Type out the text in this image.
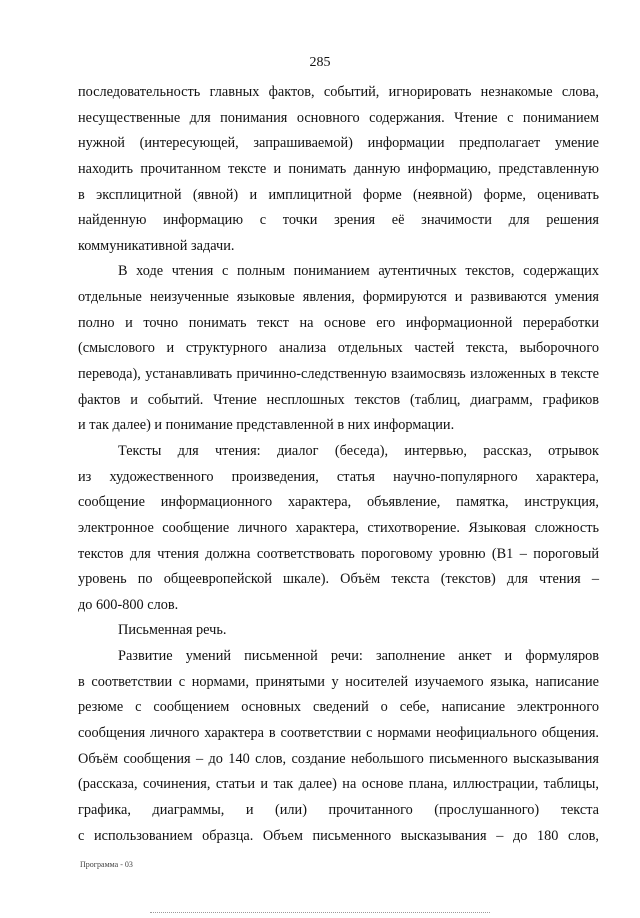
285
последовательность главных фактов, событий, игнорировать незнакомые слова,
несущественные для понимания основного содержания. Чтение с пониманием
нужной (интересующей, запрашиваемой) информации предполагает умение
находить прочитанном тексте и понимать данную информацию, представленную
в эксплицитной (явной) и имплицитной форме (неявной) форме, оценивать
найденную информацию с точки зрения её значимости для решения
коммуникативной задачи.
В ходе чтения с полным пониманием аутентичных текстов, содержащих
отдельные неизученные языковые явления, формируются и развиваются умения
полно и точно понимать текст на основе его информационной переработки
(смыслового и структурного анализа отдельных частей текста, выборочного
перевода), устанавливать причинно-следственную взаимосвязь изложенных в тексте
фактов и событий. Чтение несплошных текстов (таблиц, диаграмм, графиков
и так далее) и понимание представленной в них информации.
Тексты для чтения: диалог (беседа), интервью, рассказ, отрывок
из художественного произведения, статья научно-популярного характера,
сообщение информационного характера, объявление, памятка, инструкция,
электронное сообщение личного характера, стихотворение. Языковая сложность
текстов для чтения должна соответствовать пороговому уровню (B1 – пороговый
уровень по общеевропейской шкале). Объём текста (текстов) для чтения –
до 600-800 слов.
Письменная речь.
Развитие умений письменной речи: заполнение анкет и формуляров
в соответствии с нормами, принятыми у носителей изучаемого языка, написание
резюме с сообщением основных сведений о себе, написание электронного
сообщения личного характера в соответствии с нормами неофициального общения.
Объём сообщения – до 140 слов, создание небольшого письменного высказывания
(рассказа, сочинения, статьи и так далее) на основе плана, иллюстрации, таблицы,
графика, диаграммы, и (или) прочитанного (прослушанного) текста
с использованием образца. Объем письменного высказывания – до 180 слов,
Программа - 03
